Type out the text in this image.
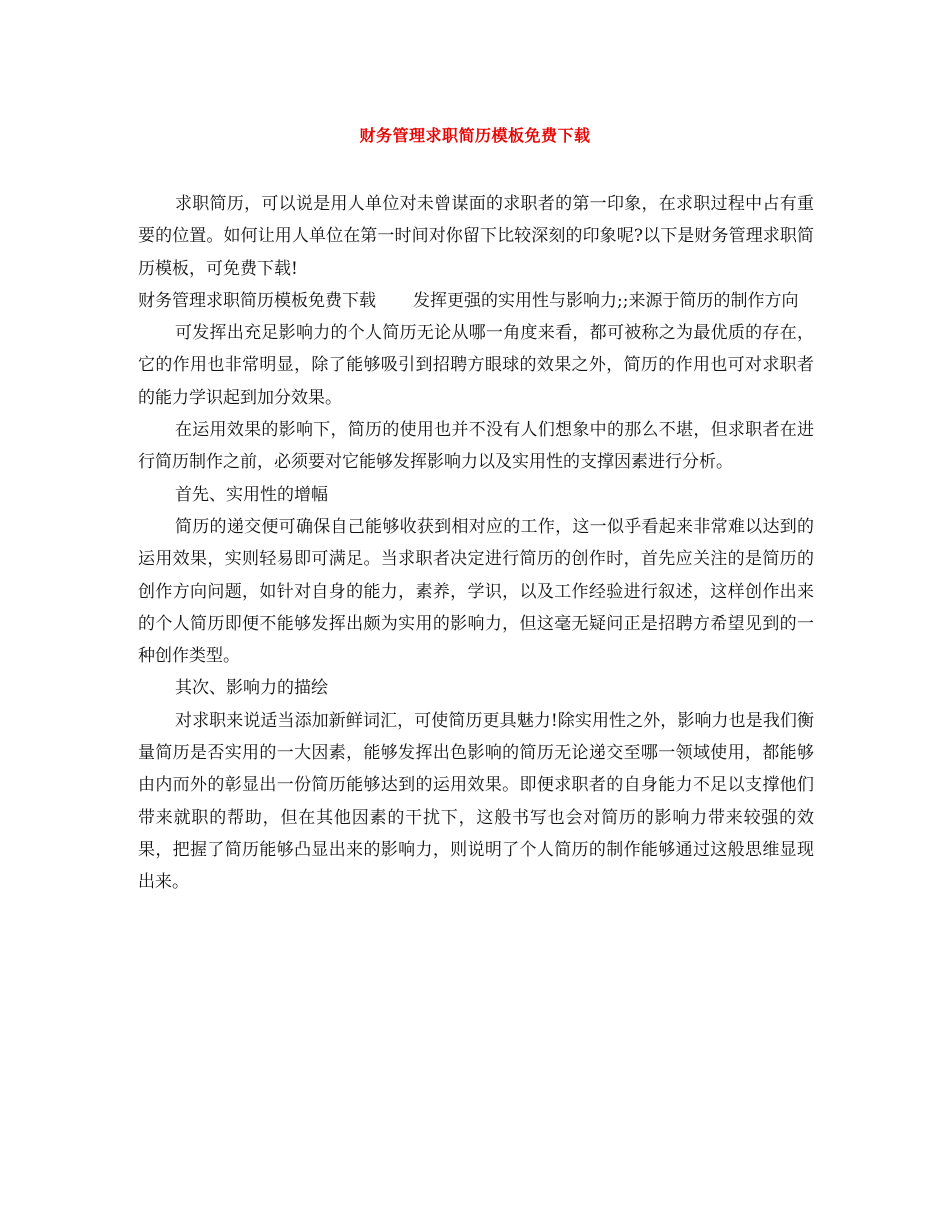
财务管理求职简历模板免费下载

求职简历，可以说是用人单位对未曾谋面的求职者的第一印象，在求职过程中占有重要的位置。如何让用人单位在第一时间对你留下比较深刻的印象呢?以下是财务管理求职简历模板，可免费下载!

财务管理求职简历模板免费下载 发挥更强的实用性与影响力;;来源于简历的制作方向

可发挥出充足影响力的个人简历无论从哪一角度来看，都可被称之为最优质的存在，它的作用也非常明显，除了能够吸引到招聘方眼球的效果之外，简历的作用也可对求职者的能力学识起到加分效果。

在运用效果的影响下，简历的使用也并不没有人们想象中的那么不堪，但求职者在进行简历制作之前，必须要对它能够发挥影响力以及实用性的支撑因素进行分析。

首先、实用性的增幅

简历的递交便可确保自己能够收获到相对应的工作，这一似乎看起来非常难以达到的运用效果，实则轻易即可满足。当求职者决定进行简历的创作时，首先应关注的是简历的创作方向问题，如针对自身的能力，素养，学识，以及工作经验进行叙述，这样创作出来的个人简历即便不能够发挥出颇为实用的影响力，但这毫无疑问正是招聘方希望见到的一种创作类型。

其次、影响力的描绘

对求职来说适当添加新鲜词汇，可使简历更具魅力!除实用性之外，影响力也是我们衡量简历是否实用的一大因素，能够发挥出色影响的简历无论递交至哪一领域使用，都能够由内而外的彰显出一份简历能够达到的运用效果。即便求职者的自身能力不足以支撑他们带来就职的帮助，但在其他因素的干扰下，这般书写也会对简历的影响力带来较强的效果，把握了简历能够凸显出来的影响力，则说明了个人简历的制作能够通过这般思维显现出来。
